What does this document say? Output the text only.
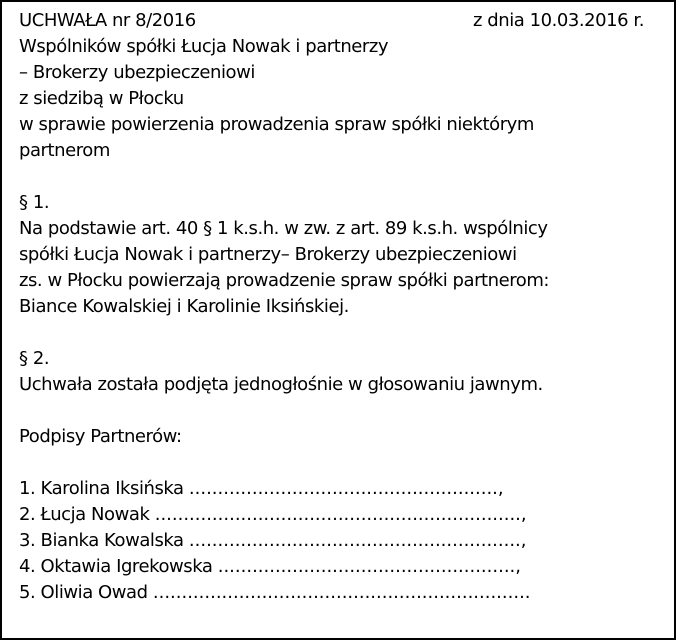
UCHWAŁA nr 8/2016	z dnia 10.03.2016 r.
Wspólników spółki Łucja Nowak i partnerzy
– Brokerzy ubezpieczeniowi
z siedzibą w Płocku
w sprawie powierzenia prowadzenia spraw spółki niektórym
partnerom
§ 1.
Na podstawie art. 40 § 1 k.s.h. w zw. z art. 89 k.s.h. wspólnicy
spółki Łucja Nowak i partnerzy– Brokerzy ubezpieczeniowi
zs. w Płocku powierzają prowadzenie spraw spółki partnerom:
Biance Kowalskiej i Karolinie Iksińskiej.
§ 2.
Uchwała została podjęta jednogłośnie w głosowaniu jawnym.
Podpisy Partnerów:
1. Karolina Iksińska ......................................................,
2. Łucja Nowak ................................................................,
3. Bianka Kowalska ..........................................................,
4. Oktawia Igrekowska ....................................................,
5. Oliwia Owad ..................................................................
